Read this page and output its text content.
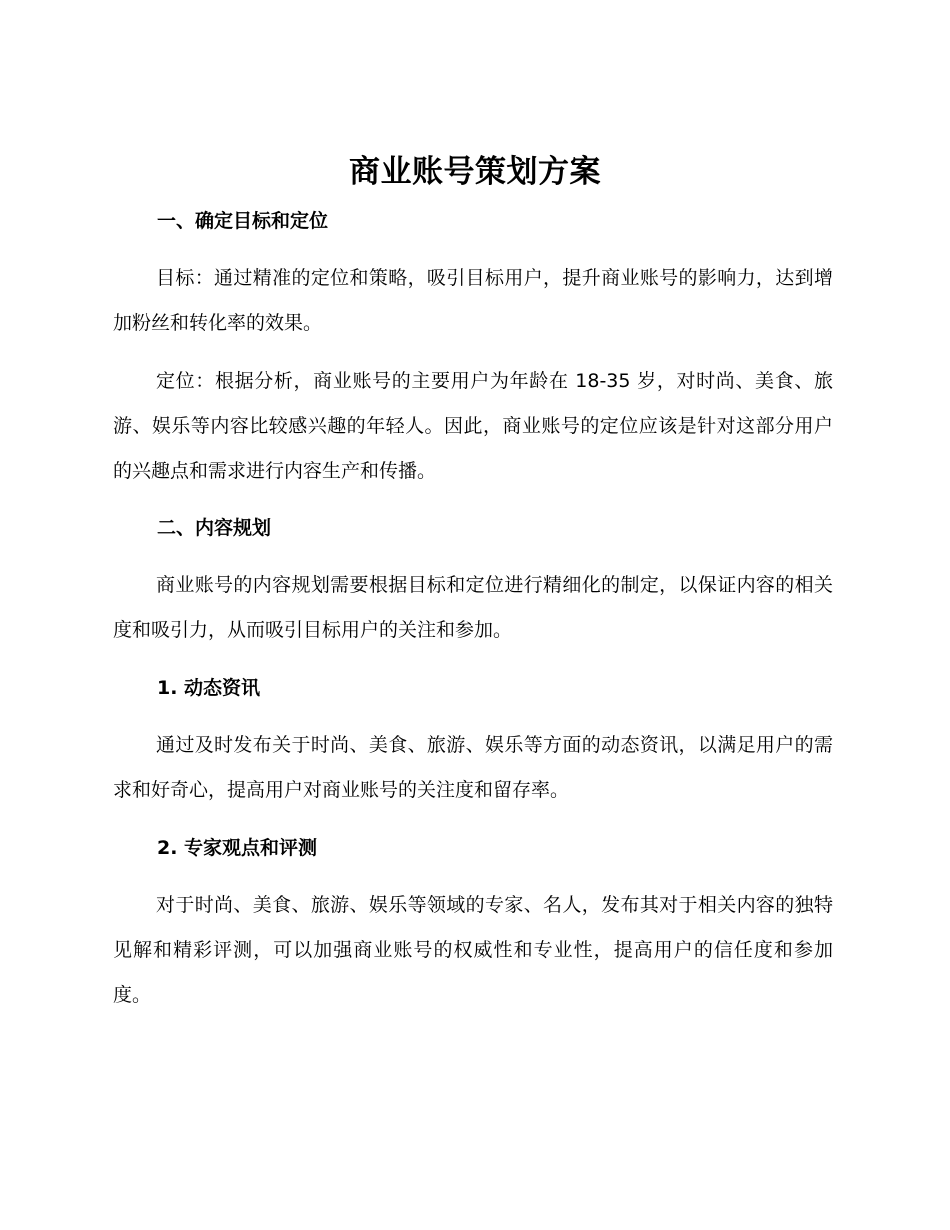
商业账号策划方案
一、确定目标和定位

目标：通过精准的定位和策略，吸引目标用户，提升商业账号的影响力，达到增加粉丝和转化率的效果。

定位：根据分析，商业账号的主要用户为年龄在 18-35 岁，对时尚、美食、旅游、娱乐等内容比较感兴趣的年轻人。因此，商业账号的定位应该是针对这部分用户的兴趣点和需求进行内容生产和传播。

二、内容规划

商业账号的内容规划需要根据目标和定位进行精细化的制定，以保证内容的相关度和吸引力，从而吸引目标用户的关注和参加。

1. 动态资讯

通过及时发布关于时尚、美食、旅游、娱乐等方面的动态资讯，以满足用户的需求和好奇心，提高用户对商业账号的关注度和留存率。

2. 专家观点和评测

对于时尚、美食、旅游、娱乐等领域的专家、名人，发布其对于相关内容的独特见解和精彩评测，可以加强商业账号的权威性和专业性，提高用户的信任度和参加度。
